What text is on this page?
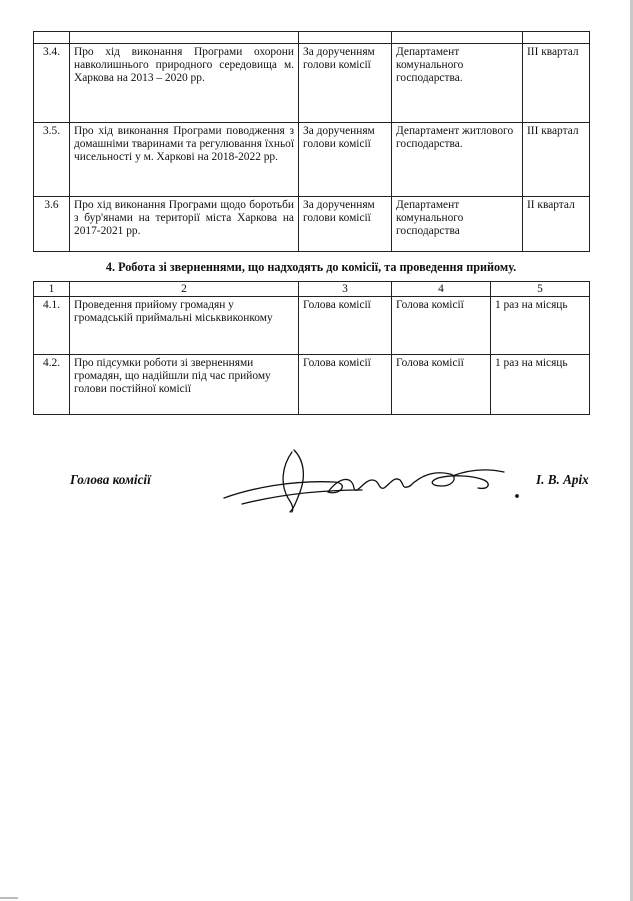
3.4.	Про хід виконання Програми охорони навколишнього природного середовища м. Харкова на 2013 – 2020 рр.	За дорученням голови комісії	Департамент комунального господарства.	ІІІ квартал
3.5.	Про хід виконання Програми поводження з домашніми тваринами та регулювання їхньої чисельності у м. Харкові на 2018-2022 рр.	За дорученням голови комісії	Департамент житлового господарства.	ІІІ квартал
3.6	Про хід виконання Програми щодо боротьби з бур'янами на території міста Харкова на 2017-2021 рр.	За дорученням голови комісії	Департамент комунального господарства	ІІ квартал
4. Робота зі зверненнями, що надходять до комісії, та проведення прийому.
1	2	3	4	5
4.1.	Проведення прийому громадян у громадській приймальні міськвиконкому	Голова комісії	Голова комісії	1 раз на місяць
4.2.	Про підсумки роботи зі зверненнями громадян, що надійшли під час прийому голови постійної комісії	Голова комісії	Голова комісії	1 раз на місяць
Голова комісії	І. В. Аріх
